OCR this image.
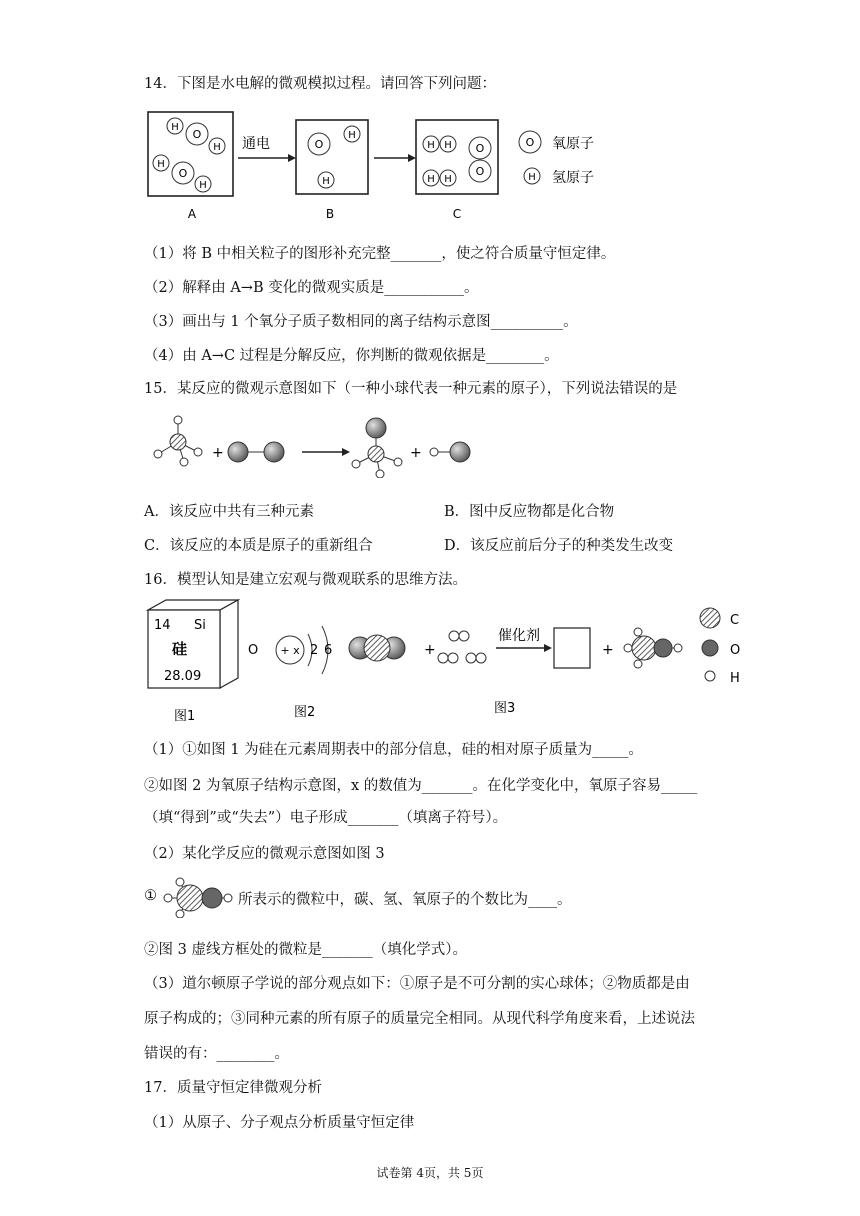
14．下图是水电解的微观模拟过程。请回答下列问题：
O
H
H
O
H
H
A
通电	O
H
H
B
H H
H H
O
O
C
O 氧原子
H 氢原子
（1）将 B 中相关粒子的图形补充完整_______，使之符合质量守恒定律。
（2）解释由 A→B 变化的微观实质是___________。
（3）画出与 1 个氧分子质子数相同的离子结构示意图__________。
（4）由 A→C 过程是分解反应，你判断的微观依据是________。
15．某反应的微观示意图如下（一种小球代表一种元素的原子），下列说法错误的是
+	+
A．该反应中共有三种元素	B．图中反应物都是化合物
C．该反应的本质是原子的重新组合	D．该反应前后分子的种类发生改变
16．模型认知是建立宏观与微观联系的思维方法。
14 Si
硅
28.09
图1
O + x 2 6
图2
+
催化剂
+
图3
C
O
H
（1）①如图 1 为硅在元素周期表中的部分信息，硅的相对原子质量为_____。
②如图 2 为氧原子结构示意图，x 的数值为_______。在化学变化中，氧原子容易_____
（填“得到”或“失去”）电子形成_______（填离子符号）。
（2）某化学反应的微观示意图如图 3
①	所表示的微粒中，碳、氢、氧原子的个数比为____。
②图 3 虚线方框处的微粒是_______（填化学式）。
（3）道尔顿原子学说的部分观点如下：①原子是不可分割的实心球体；②物质都是由
原子构成的；③同种元素的所有原子的质量完全相同。从现代科学角度来看，上述说法
错误的有：________。
17．质量守恒定律微观分析
（1）从原子、分子观点分析质量守恒定律
试卷第 4页，共 5页
